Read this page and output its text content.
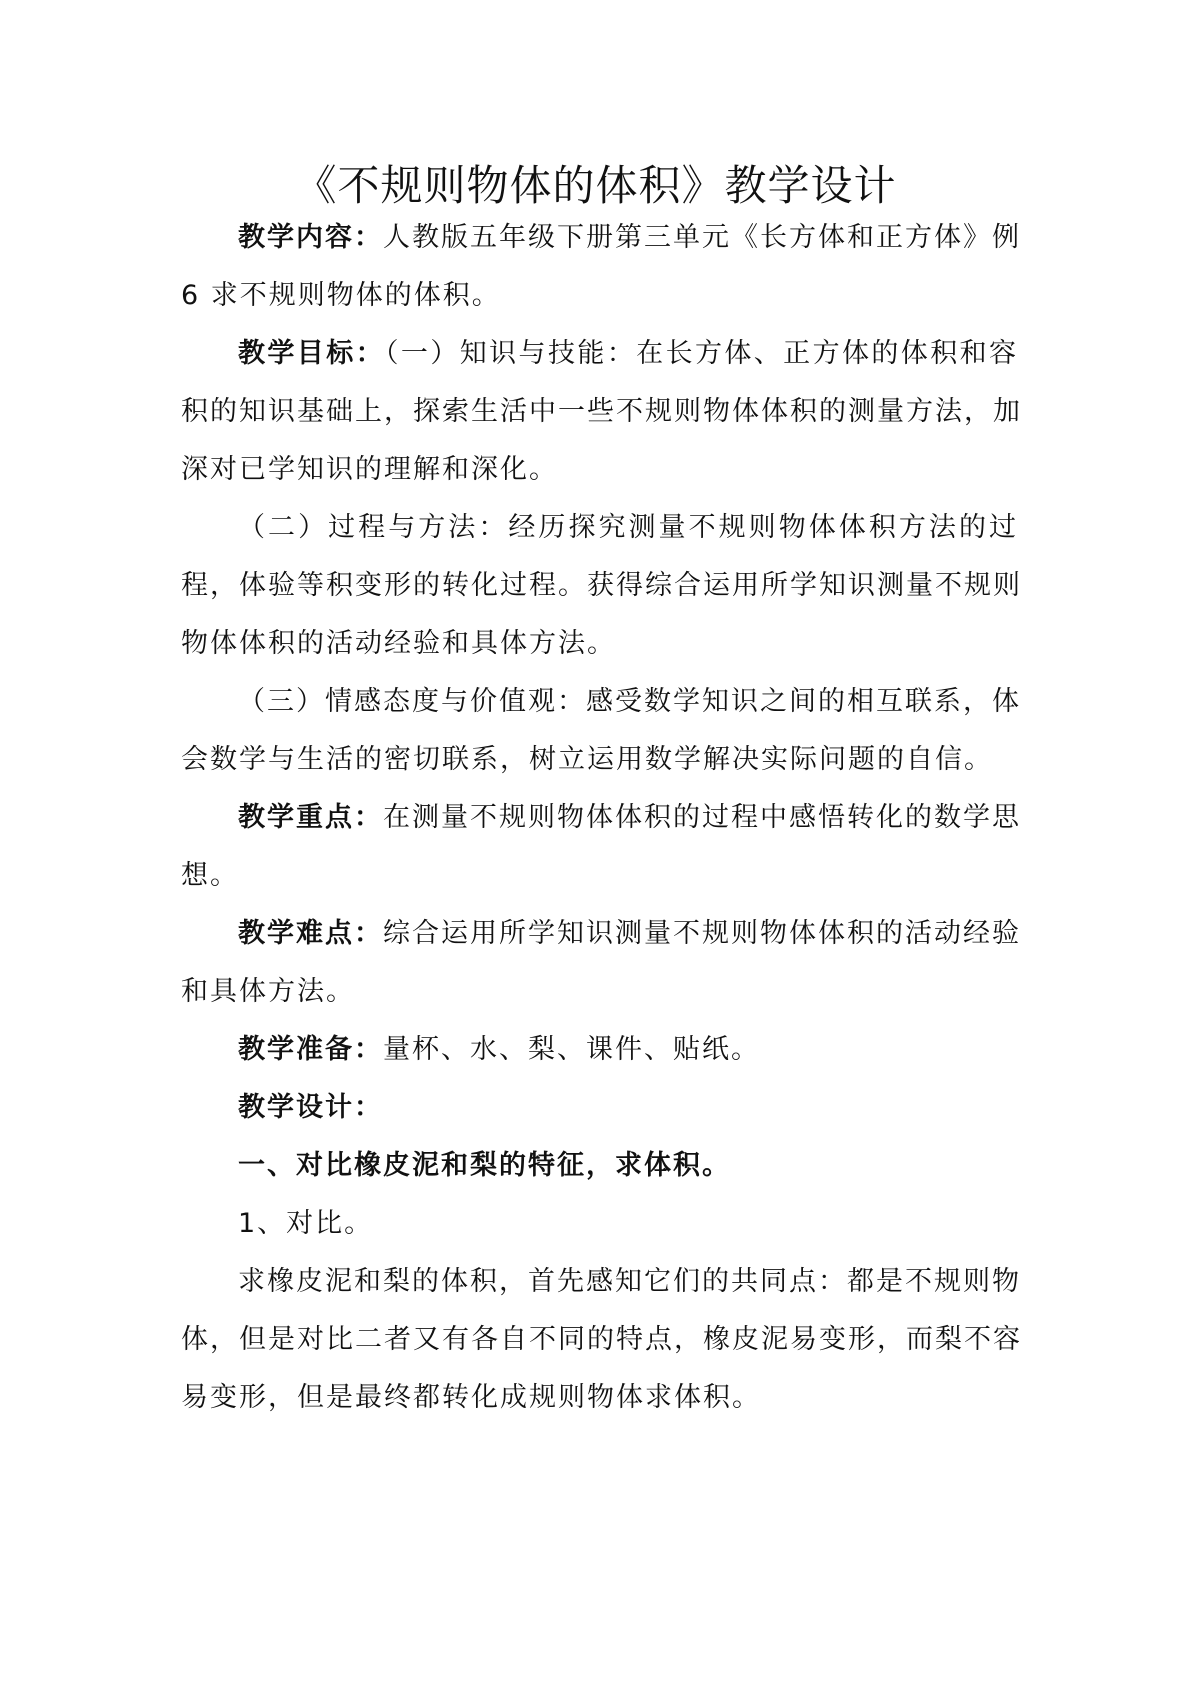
《不规则物体的体积》教学设计
教学内容：人教版五年级下册第三单元《长方体和正方体》例
6 求不规则物体的体积。
教学目标：（一）知识与技能：在长方体、正方体的体积和容
积的知识基础上，探索生活中一些不规则物体体积的测量方法，加
深对已学知识的理解和深化。
（二）过程与方法：经历探究测量不规则物体体积方法的过
程，体验等积变形的转化过程。获得综合运用所学知识测量不规则
物体体积的活动经验和具体方法。
（三）情感态度与价值观：感受数学知识之间的相互联系，体
会数学与生活的密切联系，树立运用数学解决实际问题的自信。
教学重点：在测量不规则物体体积的过程中感悟转化的数学思
想。
教学难点：综合运用所学知识测量不规则物体体积的活动经验
和具体方法。
教学准备：量杯、水、梨、课件、贴纸。
教学设计：
一、对比橡皮泥和梨的特征，求体积。
1、对比。
求橡皮泥和梨的体积，首先感知它们的共同点：都是不规则物
体，但是对比二者又有各自不同的特点，橡皮泥易变形，而梨不容
易变形，但是最终都转化成规则物体求体积。
